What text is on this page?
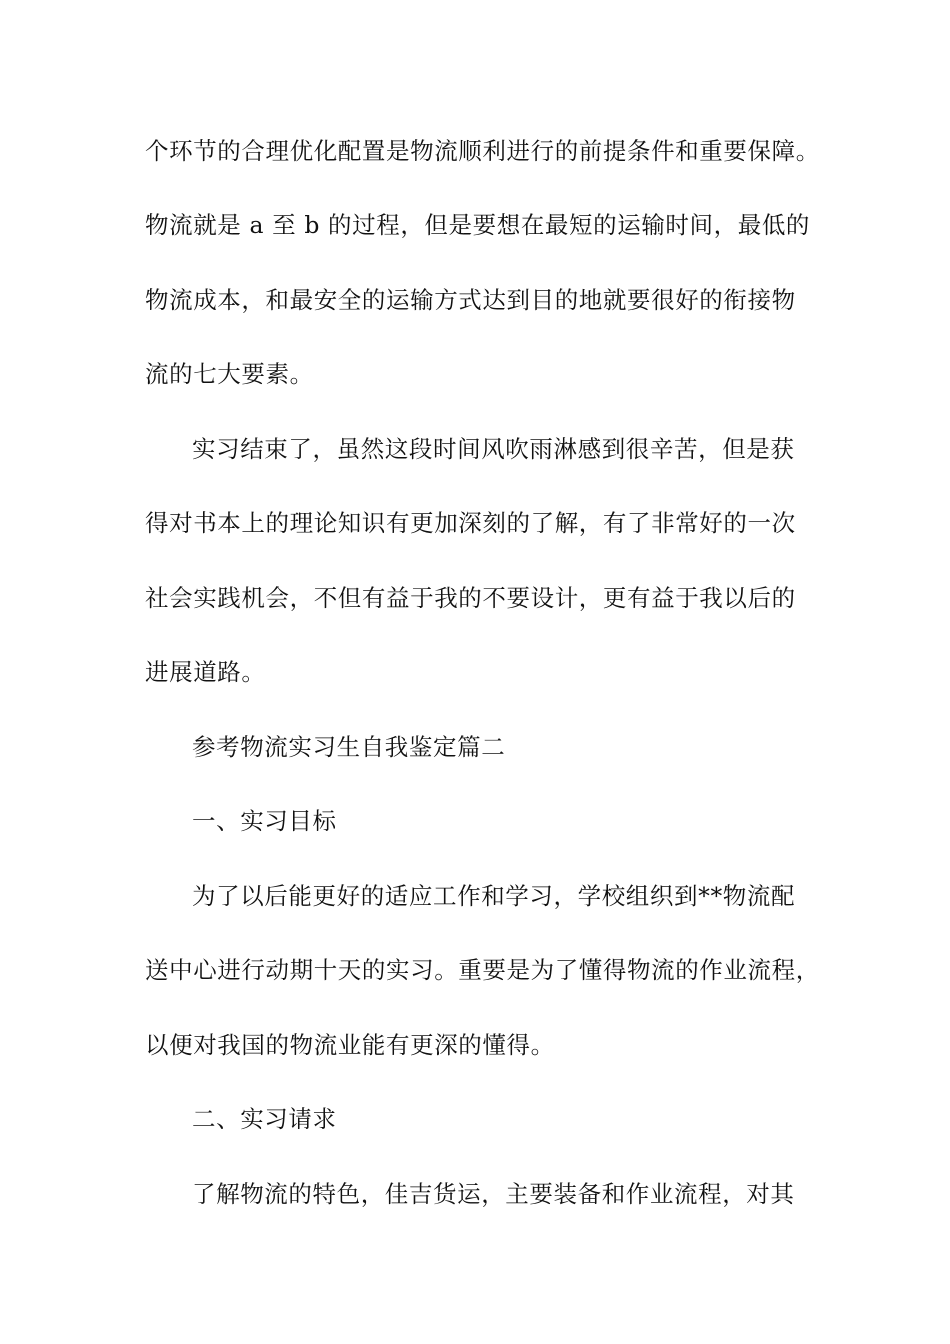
个环节的合理优化配置是物流顺利进行的前提条件和重要保障。
物流就是 a 至 b 的过程，但是要想在最短的运输时间，最低的
物流成本，和最安全的运输方式达到目的地就要很好的衔接物
流的七大要素。
实习结束了，虽然这段时间风吹雨淋感到很辛苦，但是获
得对书本上的理论知识有更加深刻的了解，有了非常好的一次
社会实践机会，不但有益于我的不要设计，更有益于我以后的
进展道路。
参考物流实习生自我鉴定篇二
一、实习目标
为了以后能更好的适应工作和学习，学校组织到**物流配
送中心进行动期十天的实习。重要是为了懂得物流的作业流程，
以便对我国的物流业能有更深的懂得。
二、实习请求
了解物流的特色，佳吉货运，主要装备和作业流程，对其
